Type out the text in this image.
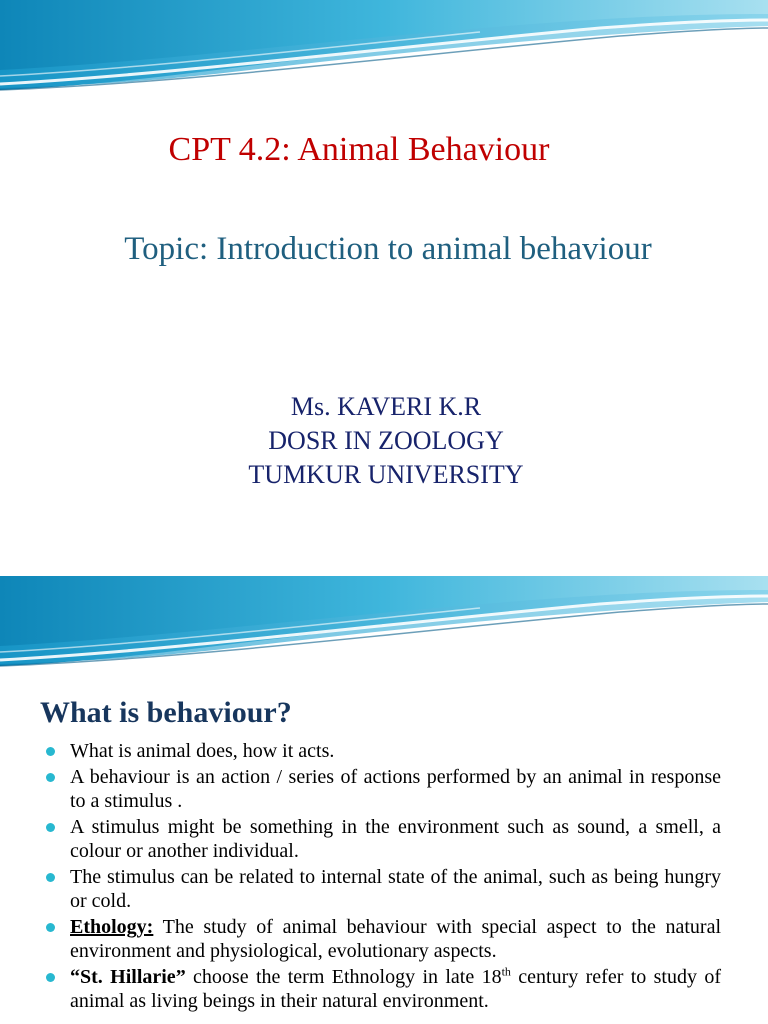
CPT 4.2: Animal Behaviour
Topic: Introduction to animal behaviour
Ms. KAVERI K.R
DOSR IN ZOOLOGY
TUMKUR UNIVERSITY
What is behaviour?
What is animal does, how it acts.
A behaviour is an action / series of actions performed by an animal in response to a stimulus .
A stimulus might be something in the environment such as sound, a smell, a colour or another individual.
The stimulus can be related to internal state of the animal, such as being hungry or cold.
Ethology: The study of animal behaviour with special aspect to the natural environment and physiological, evolutionary aspects.
“St. Hillarie” choose the term Ethnology in late 18th century refer to study of animal as living beings in their natural environment.
